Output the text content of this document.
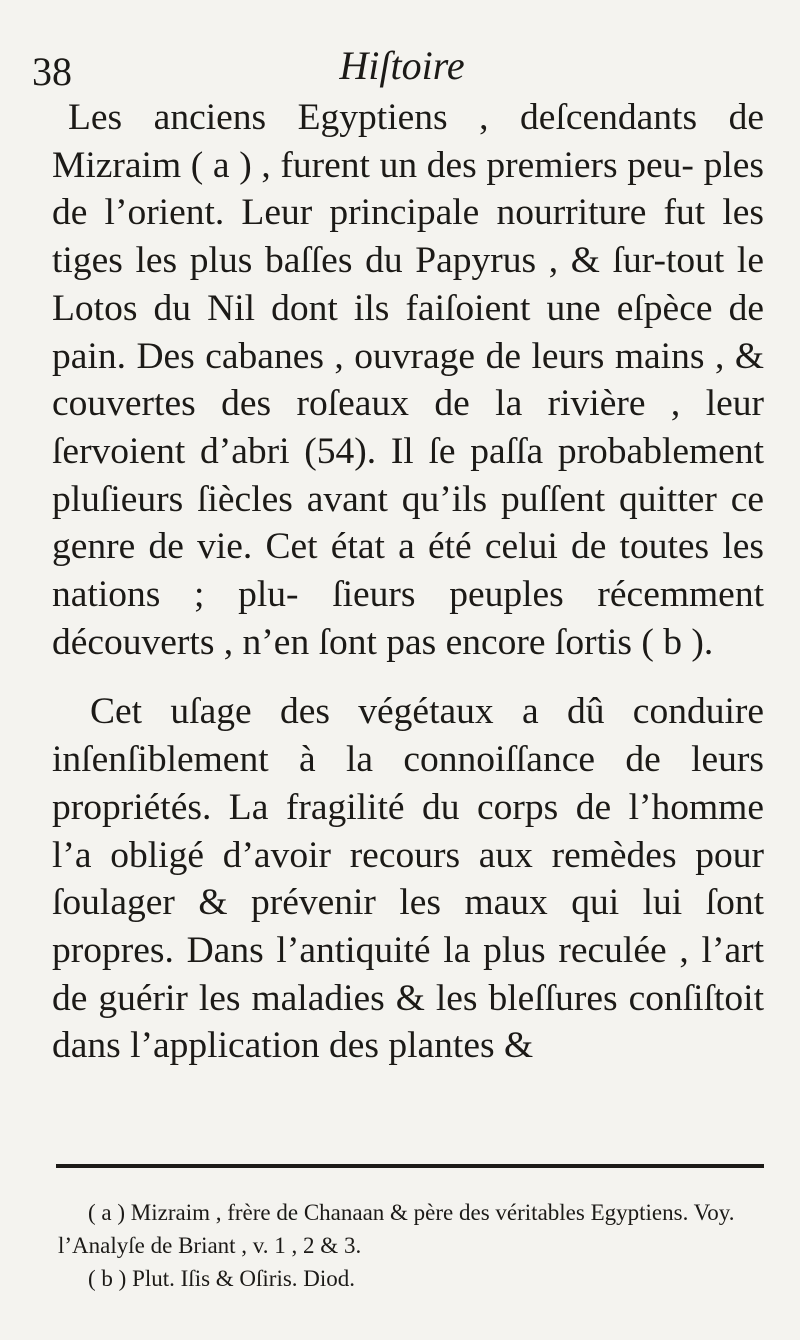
38	Hiſtoire

Les anciens Egyptiens , deſcendants de Mizraim ( a ) , furent un des premiers peu- ples de l’orient. Leur principale nourriture fut les tiges les plus baſſes du Papyrus , & ſur-tout le Lotos du Nil dont ils faiſoient une eſpèce de pain. Des cabanes , ouvrage de leurs mains , & couvertes des roſeaux de la rivière , leur ſervoient d’abri (54). Il ſe paſſa probablement pluſieurs ſiècles avant qu’ils puſſent quitter ce genre de vie. Cet état a été celui de toutes les nations ; plu- ſieurs peuples récemment découverts , n’en ſont pas encore ſortis ( b ).

Cet uſage des végétaux a dû conduire inſenſiblement à la connoiſſance de leurs propriétés. La fragilité du corps de l’homme l’a obligé d’avoir recours aux remèdes pour ſoulager & prévenir les maux qui lui ſont propres. Dans l’antiquité la plus reculée , l’art de guérir les maladies & les bleſſures conſiſtoit dans l’application des plantes &

( a ) Mizraim , frère de Chanaan & père des véritables Egyptiens. Voy. l’Analyſe de Briant , v. 1 , 2 & 3.

( b ) Plut. Iſis & Oſiris. Diod.
